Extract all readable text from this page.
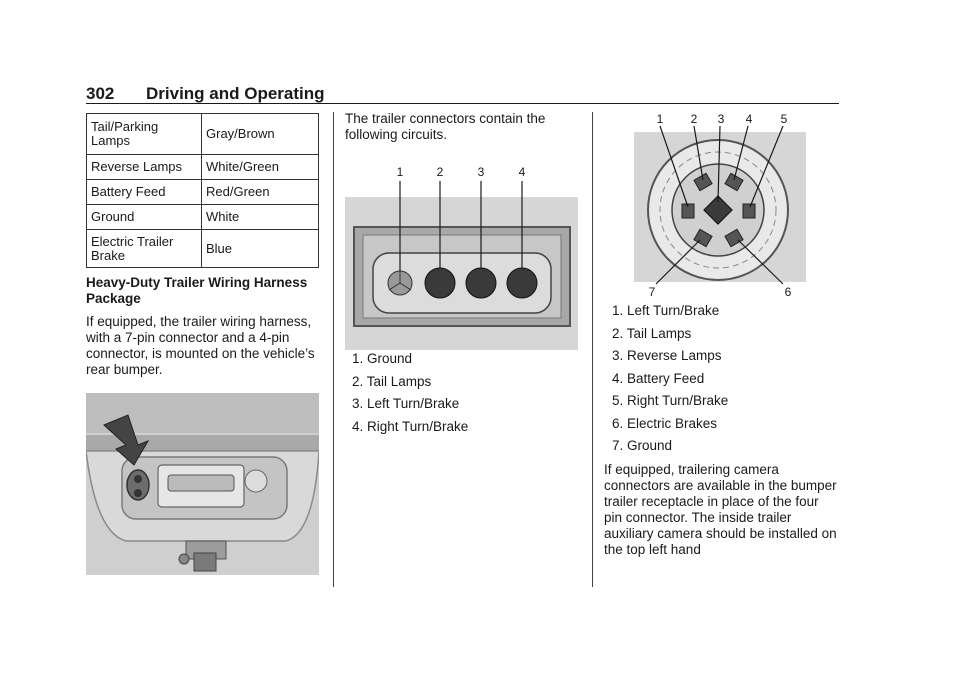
302 Driving and Operating
Tail/Parking Lamps	Gray/Brown
Reverse Lamps	White/Green
Battery Feed	Red/Green
Ground	White
Electric Trailer Brake	Blue
Heavy-Duty Trailer Wiring Harness Package
If equipped, the trailer wiring harness, with a 7-pin connector and a 4-pin connector, is mounted on the vehicle’s rear bumper.
The trailer connectors contain the following circuits.
1	2	3	4
1. Ground
2. Tail Lamps
3. Left Turn/Brake
4. Right Turn/Brake
1 2 3 4 5
7	6
1. Left Turn/Brake
2. Tail Lamps
3. Reverse Lamps
4. Battery Feed
5. Right Turn/Brake
6. Electric Brakes
7. Ground
If equipped, trailering camera connectors are available in the bumper trailer receptacle in place of the four pin connector. The inside trailer auxiliary camera should be installed on the top left hand
